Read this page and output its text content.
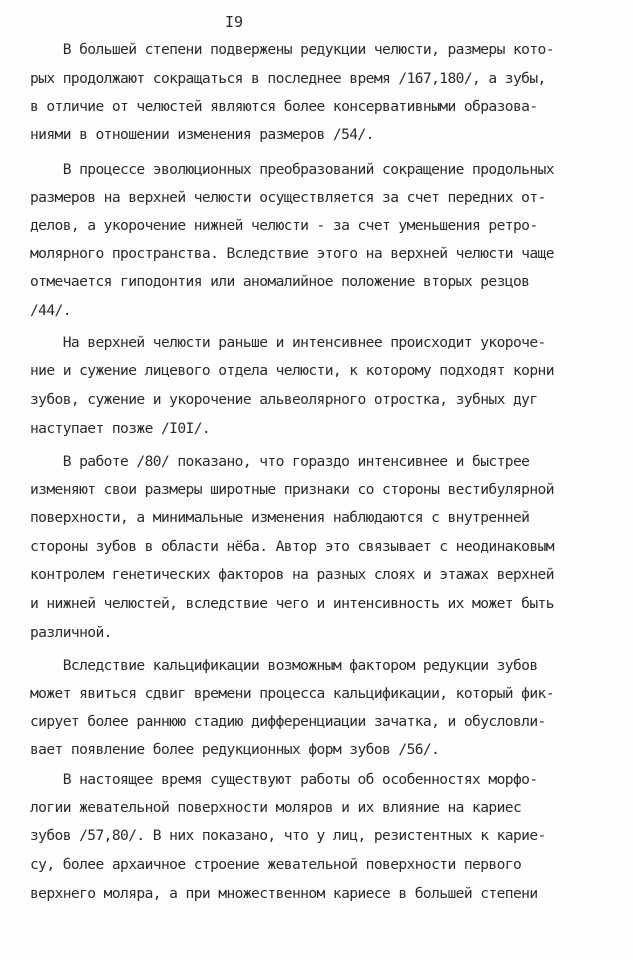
I9
В большей степени подвержены редукции челюсти, размеры кото-
рых продолжают сокращаться в последнее время /167,180/, а зубы,
в отличие от челюстей являются более консервативными образова-
ниями в отношении изменения размеров /54/.
В процессе эволюционных преобразований сокращение продольных
размеров на верхней челюсти осуществляется за счет передних от-
делов, а укорочение нижней челюсти - за счет уменьшения ретро-
молярного пространства. Вследствие этого на верхней челюсти чаще
отмечается гиподонтия или аномалийное положение вторых резцов
/44/.
На верхней челюсти раньше и интенсивнее происходит укороче-
ние и сужение лицевого отдела челюсти, к которому подходят корни
зубов, сужение и укорочение альвеолярного отростка, зубных дуг
наступает позже /I0I/.
В работе /80/ показано, что гораздо интенсивнее и быстрее
изменяют свои размеры широтные признаки со стороны вестибулярной
поверхности, а минимальные изменения наблюдаются с внутренней
стороны зубов в области нёба. Автор это связывает с неодинаковым
контролем генетических факторов на разных слоях и этажах верхней
и нижней челюстей, вследствие чего и интенсивность их может быть
различной.
Вследствие кальцификации возможным фактором редукции зубов
может явиться сдвиг времени процесса кальцификации, который фик-
сирует более раннюю стадию дифференциации зачатка, и обусловли-
вает появление более редукционных форм зубов /56/.
В настоящее время существуют работы об особенностях морфо-
логии жевательной поверхности моляров и их влияние на кариес
зубов /57,80/. В них показано, что у лиц, резистентных к карие-
су, более архаичное строение жевательной поверхности первого
верхнего моляра, а при множественном кариесе в большей степени
